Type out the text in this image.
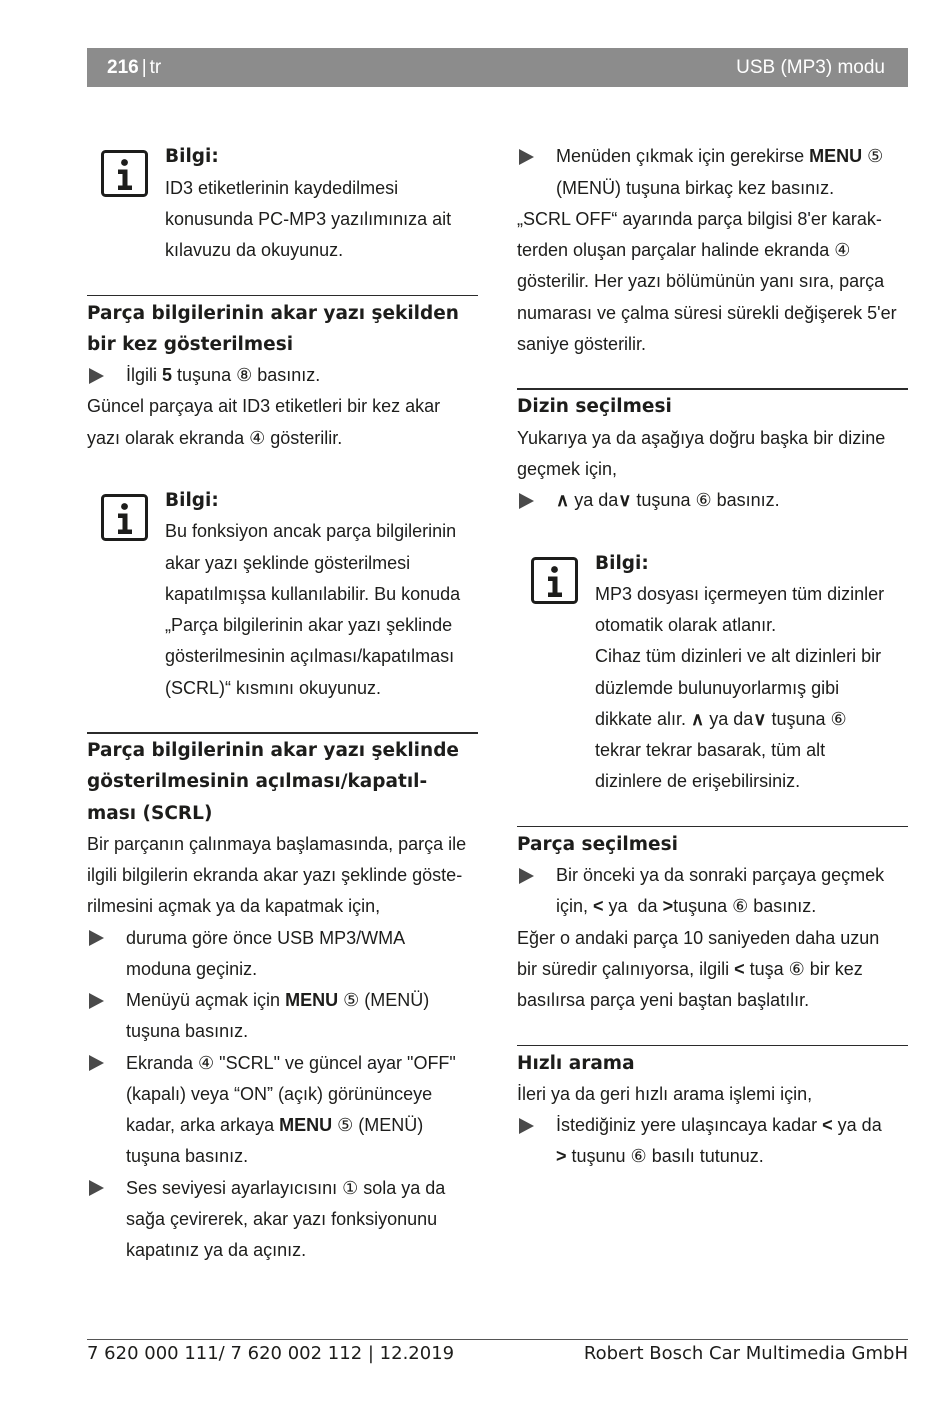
216 | tr	USB (MP3) modu
Bilgi:
ID3 etiketlerinin kaydedilmesi
konusunda PC-MP3 yazılımınıza ait
kılavuzu da okuyunuz.
Parça bilgilerinin akar yazı şekilden
bir kez gösterilmesi
İlgili 5 tuşuna ⑧ basınız.
Güncel parçaya ait ID3 etiketleri bir kez akar
yazı olarak ekranda ④ gösterilir.
Bilgi:
Bu fonksiyon ancak parça bilgilerinin
akar yazı şeklinde gösterilmesi
kapatılmışsa kullanılabilir. Bu konuda
„Parça bilgilerinin akar yazı şeklinde
gösterilmesinin açılması/kapatılması
(SCRL)“ kısmını okuyunuz.
Parça bilgilerinin akar yazı şeklinde
gösterilmesinin açılması/kapatıl-
ması (SCRL)
Bir parçanın çalınmaya başlamasında, parça ile
ilgili bilgilerin ekranda akar yazı şeklinde göste-
rilmesini açmak ya da kapatmak için,
duruma göre önce USB MP3/WMA
moduna geçiniz.
Menüyü açmak için MENU ⑤ (MENÜ)
tuşuna basınız.
Ekranda ④ "SCRL" ve güncel ayar "OFF"
(kapalı) veya “ON” (açık) görününceye
kadar, arka arkaya MENU ⑤ (MENÜ)
tuşuna basınız.
Ses seviyesi ayarlayıcısını ① sola ya da
sağa çevirerek, akar yazı fonksiyonunu
kapatınız ya da açınız.
Menüden çıkmak için gerekirse MENU ⑤
(MENÜ) tuşuna birkaç kez basınız.
„SCRL OFF“ ayarında parça bilgisi 8'er karak-
terden oluşan parçalar halinde ekranda ④
gösterilir. Her yazı bölümünün yanı sıra, parça
numarası ve çalma süresi sürekli değişerek 5'er
saniye gösterilir.
Dizin seçilmesi
Yukarıya ya da aşağıya doğru başka bir dizine
geçmek için,
∧ ya da∨ tuşuna ⑥ basınız.
Bilgi:
MP3 dosyası içermeyen tüm dizinler
otomatik olarak atlanır.
Cihaz tüm dizinleri ve alt dizinleri bir
düzlemde bulunuyorlarmış gibi
dikkate alır. ∧ ya da∨ tuşuna ⑥
tekrar tekrar basarak, tüm alt
dizinlere de erişebilirsiniz.
Parça seçilmesi
Bir önceki ya da sonraki parçaya geçmek
için, < ya  da >tuşuna ⑥ basınız.
Eğer o andaki parça 10 saniyeden daha uzun
bir süredir çalınıyorsa, ilgili < tuşa ⑥ bir kez
basılırsa parça yeni baştan başlatılır.
Hızlı arama
İleri ya da geri hızlı arama işlemi için,
İstediğiniz yere ulaşıncaya kadar < ya da
> tuşunu ⑥ basılı tutunuz.

7 620 000 111/ 7 620 002 112 | 12.2019

	Robert Bosch Car Multimedia GmbH
